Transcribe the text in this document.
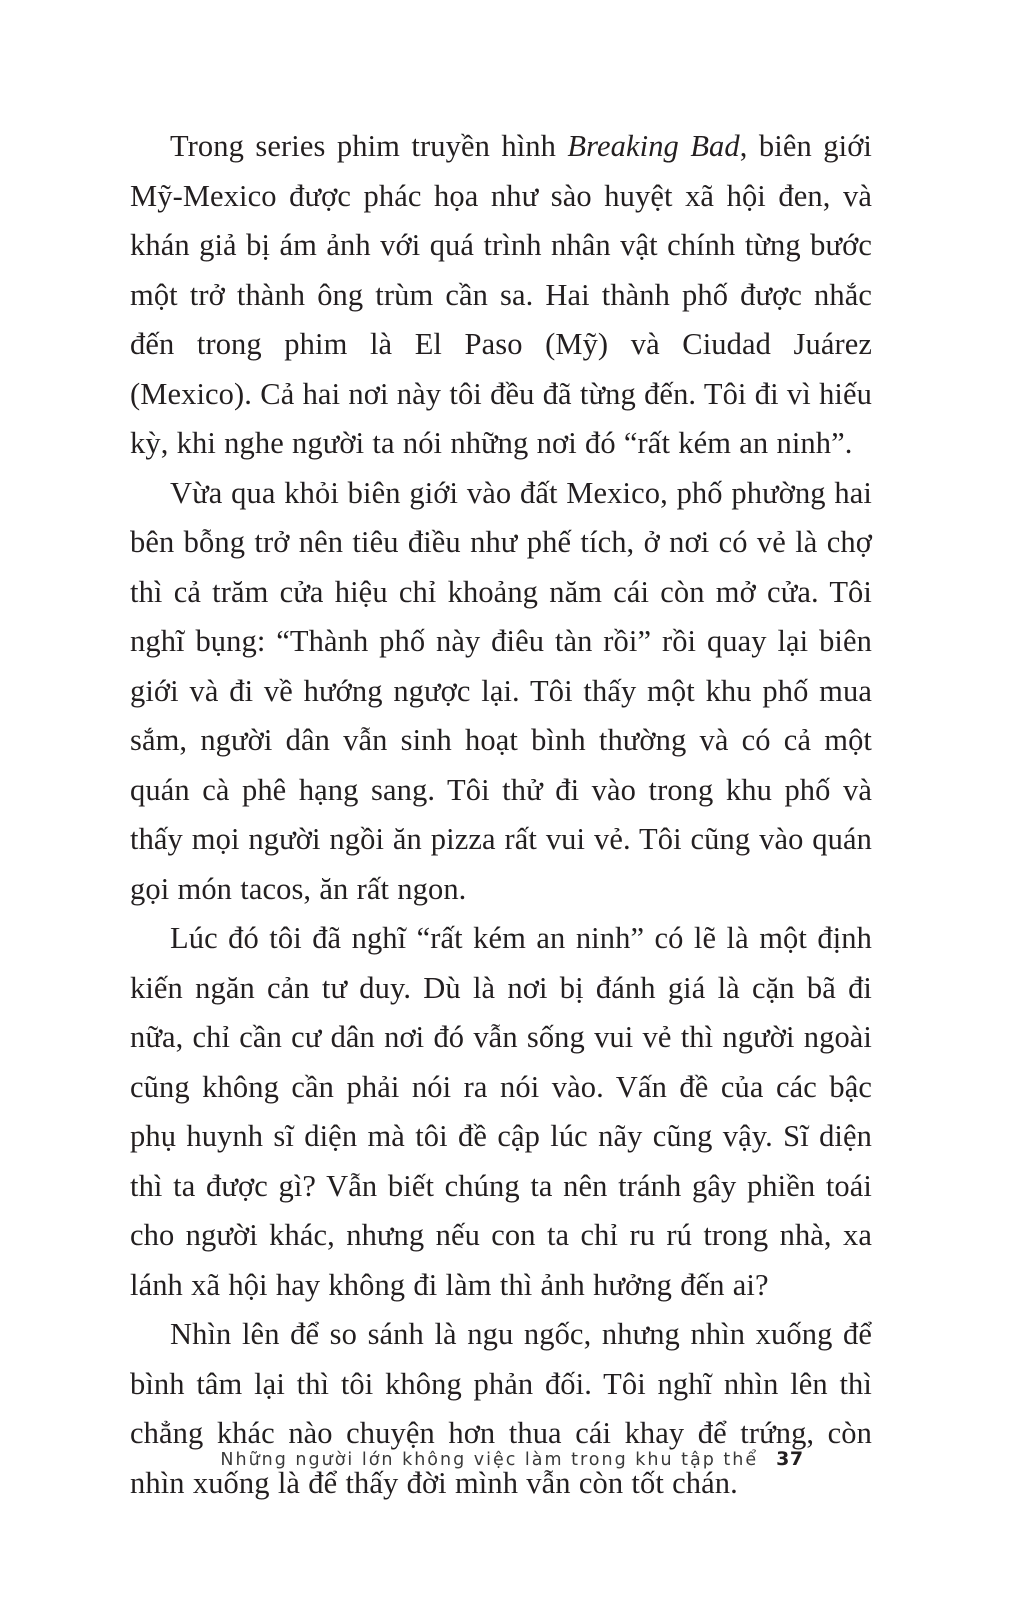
Trong series phim truyền hình Breaking Bad, biên giới Mỹ-Mexico được phác họa như sào huyệt xã hội đen, và khán giả bị ám ảnh với quá trình nhân vật chính từng bước một trở thành ông trùm cần sa. Hai thành phố được nhắc đến trong phim là El Paso (Mỹ) và Ciudad Juárez (Mexico). Cả hai nơi này tôi đều đã từng đến. Tôi đi vì hiếu kỳ, khi nghe người ta nói những nơi đó “rất kém an ninh”.

Vừa qua khỏi biên giới vào đất Mexico, phố phường hai bên bỗng trở nên tiêu điều như phế tích, ở nơi có vẻ là chợ thì cả trăm cửa hiệu chỉ khoảng năm cái còn mở cửa. Tôi nghĩ bụng: “Thành phố này điêu tàn rồi” rồi quay lại biên giới và đi về hướng ngược lại. Tôi thấy một khu phố mua sắm, người dân vẫn sinh hoạt bình thường và có cả một quán cà phê hạng sang. Tôi thử đi vào trong khu phố và thấy mọi người ngồi ăn pizza rất vui vẻ. Tôi cũng vào quán gọi món tacos, ăn rất ngon.

Lúc đó tôi đã nghĩ “rất kém an ninh” có lẽ là một định kiến ngăn cản tư duy. Dù là nơi bị đánh giá là cặn bã đi nữa, chỉ cần cư dân nơi đó vẫn sống vui vẻ thì người ngoài cũng không cần phải nói ra nói vào. Vấn đề của các bậc phụ huynh sĩ diện mà tôi đề cập lúc nãy cũng vậy. Sĩ diện thì ta được gì? Vẫn biết chúng ta nên tránh gây phiền toái cho người khác, nhưng nếu con ta chỉ ru rú trong nhà, xa lánh xã hội hay không đi làm thì ảnh hưởng đến ai?

Nhìn lên để so sánh là ngu ngốc, nhưng nhìn xuống để bình tâm lại thì tôi không phản đối. Tôi nghĩ nhìn lên thì chẳng khác nào chuyện hơn thua cái khay để trứng, còn nhìn xuống là để thấy đời mình vẫn còn tốt chán.

Những người lớn không việc làm trong khu tập thể 37
